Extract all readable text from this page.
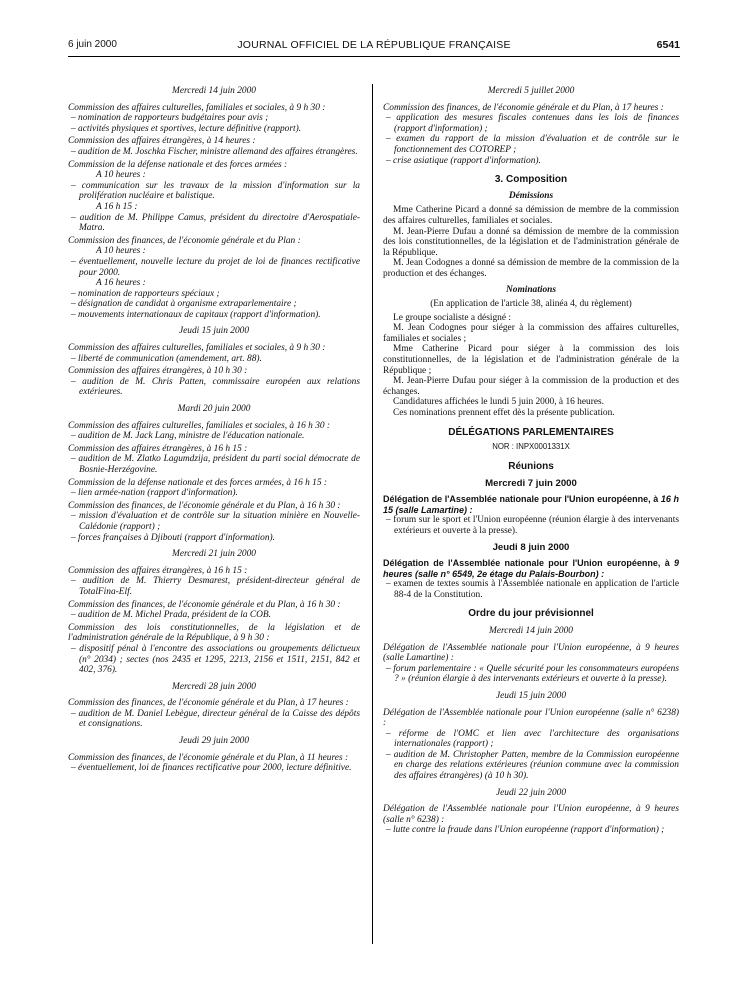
6 juin 2000	JOURNAL OFFICIEL DE LA RÉPUBLIQUE FRANÇAISE	6541
Mercredi 14 juin 2000
Commission des affaires culturelles, familiales et sociales, à 9 h 30 :
– nomination de rapporteurs budgétaires pour avis ;
– activités physiques et sportives, lecture définitive (rapport).
Commission des affaires étrangères, à 14 heures :
– audition de M. Joschka Fischer, ministre allemand des affaires étrangères.
Commission de la défense nationale et des forces armées :
A 10 heures :
– communication sur les travaux de la mission d'information sur la prolifération nucléaire et balistique.
A 16 h 15 :
– audition de M. Philippe Camus, président du directoire d'Aerospatiale-Matra.
Commission des finances, de l'économie générale et du Plan :
A 10 heures :
– éventuellement, nouvelle lecture du projet de loi de finances rectificative pour 2000.
A 16 heures :
– nomination de rapporteurs spéciaux ;
– désignation de candidat à organisme extraparlementaire ;
– mouvements internationaux de capitaux (rapport d'information).
Jeudi 15 juin 2000
Commission des affaires culturelles, familiales et sociales, à 9 h 30 :
– liberté de communication (amendement, art. 88).
Commission des affaires étrangères, à 10 h 30 :
– audition de M. Chris Patten, commissaire européen aux relations extérieures.
Mardi 20 juin 2000
Commission des affaires culturelles, familiales et sociales, à 16 h 30 :
– audition de M. Jack Lang, ministre de l'éducation nationale.
Commission des affaires étrangères, à 16 h 15 :
– audition de M. Zlatko Lagumdzija, président du parti social démocrate de Bosnie-Herzégovine.
Commission de la défense nationale et des forces armées, à 16 h 15 :
– lien armée-nation (rapport d'information).
Commission des finances, de l'économie générale et du Plan, à 16 h 30 :
– mission d'évaluation et de contrôle sur la situation minière en Nouvelle-Calédonie (rapport) ;
– forces françaises à Djibouti (rapport d'information).
Mercredi 21 juin 2000
Commission des affaires étrangères, à 16 h 15 :
– audition de M. Thierry Desmarest, président-directeur général de TotalFina-Elf.
Commission des finances, de l'économie générale et du Plan, à 16 h 30 :
– audition de M. Michel Prada, président de la COB.
Commission des lois constitutionnelles, de la législation et de l'administration générale de la République, à 9 h 30 :
– dispositif pénal à l'encontre des associations ou groupements délictueux (n° 2034) ; sectes (nos 2435 et 1295, 2213, 2156 et 1511, 2151, 842 et 402, 376).
Mercredi 28 juin 2000
Commission des finances, de l'économie générale et du Plan, à 17 heures :
– audition de M. Daniel Lebègue, directeur général de la Caisse des dépôts et consignations.
Jeudi 29 juin 2000
Commission des finances, de l'économie générale et du Plan, à 11 heures :
– éventuellement, loi de finances rectificative pour 2000, lecture définitive.
Mercredi 5 juillet 2000
Commission des finances, de l'économie générale et du Plan, à 17 heures :
– application des mesures fiscales contenues dans les lois de finances (rapport d'information) ;
– examen du rapport de la mission d'évaluation et de contrôle sur le fonctionnement des COTOREP ;
– crise asiatique (rapport d'information).
3. Composition
Démissions
Mme Catherine Picard a donné sa démission de membre de la commission des affaires culturelles, familiales et sociales.
M. Jean-Pierre Dufau a donné sa démission de membre de la commission des lois constitutionnelles, de la législation et de l'administration générale de la République.
M. Jean Codognes a donné sa démission de membre de la commission de la production et des échanges.
Nominations
(En application de l'article 38, alinéa 4, du règlement)
Le groupe socialiste a désigné :
M. Jean Codognes pour siéger à la commission des affaires culturelles, familiales et sociales ;
Mme Catherine Picard pour siéger à la commission des lois constitutionnelles, de la législation et de l'administration générale de la République ;
M. Jean-Pierre Dufau pour siéger à la commission de la production et des échanges.
Candidatures affichées le lundi 5 juin 2000, à 16 heures.
Ces nominations prennent effet dès la présente publication.
DÉLÉGATIONS PARLEMENTAIRES
NOR : INPX0001331X
Réunions
Mercredi 7 juin 2000
Délégation de l'Assemblée nationale pour l'Union européenne, à 16 h 15 (salle Lamartine) :
– forum sur le sport et l'Union européenne (réunion élargie à des intervenants extérieurs et ouverte à la presse).
Jeudi 8 juin 2000
Délégation de l'Assemblée nationale pour l'Union européenne, à 9 heures (salle n° 6549, 2e étage du Palais-Bourbon) :
– examen de textes soumis à l'Assemblée nationale en application de l'article 88-4 de la Constitution.
Ordre du jour prévisionnel
Mercredi 14 juin 2000
Délégation de l'Assemblée nationale pour l'Union européenne, à 9 heures (salle Lamartine) :
– forum parlementaire : « Quelle sécurité pour les consommateurs européens ? » (réunion élargie à des intervenants extérieurs et ouverte à la presse).
Jeudi 15 juin 2000
Délégation de l'Assemblée nationale pour l'Union européenne (salle n° 6238) :
– réforme de l'OMC et lien avec l'architecture des organisations internationales (rapport) ;
– audition de M. Christopher Patten, membre de la Commission européenne en charge des relations extérieures (réunion commune avec la commission des affaires étrangères) (à 10 h 30).
Jeudi 22 juin 2000
Délégation de l'Assemblée nationale pour l'Union européenne, à 9 heures (salle n° 6238) :
– lutte contre la fraude dans l'Union européenne (rapport d'information) ;
